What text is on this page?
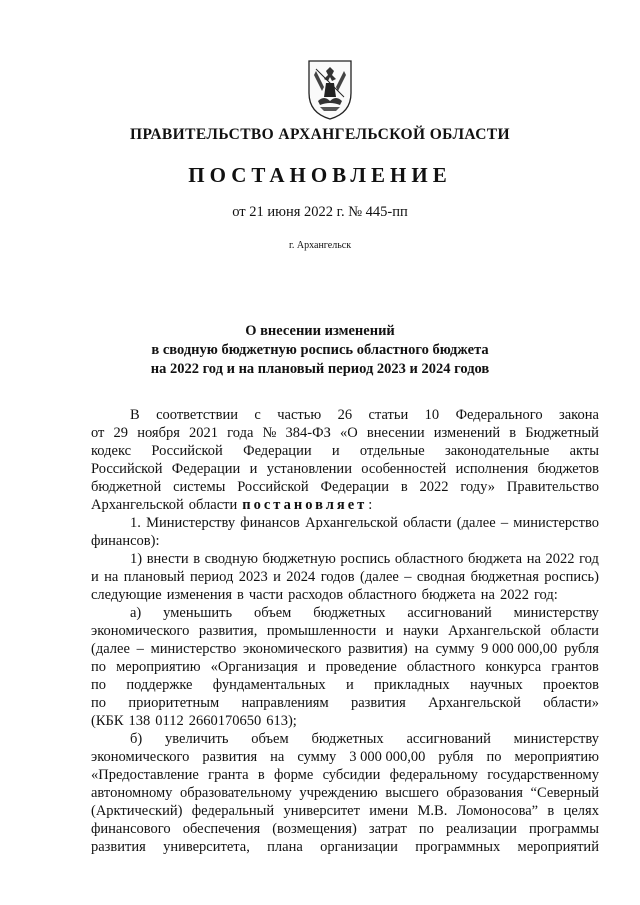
ПРАВИТЕЛЬСТВО АРХАНГЕЛЬСКОЙ ОБЛАСТИ
ПОСТАНОВЛЕНИЕ
от 21 июня 2022 г. № 445-пп
г. Архангельск
О внесении изменений
в сводную бюджетную роспись областного бюджета
на 2022 год и на плановый период 2023 и 2024 годов
В соответствии с частью 26 статьи 10 Федерального закона
от 29 ноября 2021 года № 384-ФЗ «О внесении изменений в Бюджетный
кодекс Российской Федерации и отдельные законодательные акты
Российской Федерации и установлении особенностей исполнения бюджетов
бюджетной системы Российской Федерации в 2022 году» Правительство
Архангельской области постановляет :
1. Министерству финансов Архангельской области (далее – министерство
финансов):
1) внести в сводную бюджетную роспись областного бюджета на 2022 год
и на плановый период 2023 и 2024 годов (далее – сводная бюджетная роспись)
следующие изменения в части расходов областного бюджета на 2022 год:
а) уменьшить объем бюджетных ассигнований министерству
экономического развития, промышленности и науки Архангельской области
(далее – министерство экономического развития) на сумму 9 000 000,00 рубля
по мероприятию «Организация и проведение областного конкурса грантов
по поддержке фундаментальных и прикладных научных проектов
по приоритетным направлениям развития Архангельской области»
(КБК 138 0112 2660170650 613);
б) увеличить объем бюджетных ассигнований министерству
экономического развития на сумму 3 000 000,00 рубля по мероприятию
«Предоставление гранта в форме субсидии федеральному государственному
автономному образовательному учреждению высшего образования “Северный
(Арктический) федеральный университет имени М.В. Ломоносова” в целях
финансового обеспечения (возмещения) затрат по реализации программы
развития университета, плана организации программных мероприятий
